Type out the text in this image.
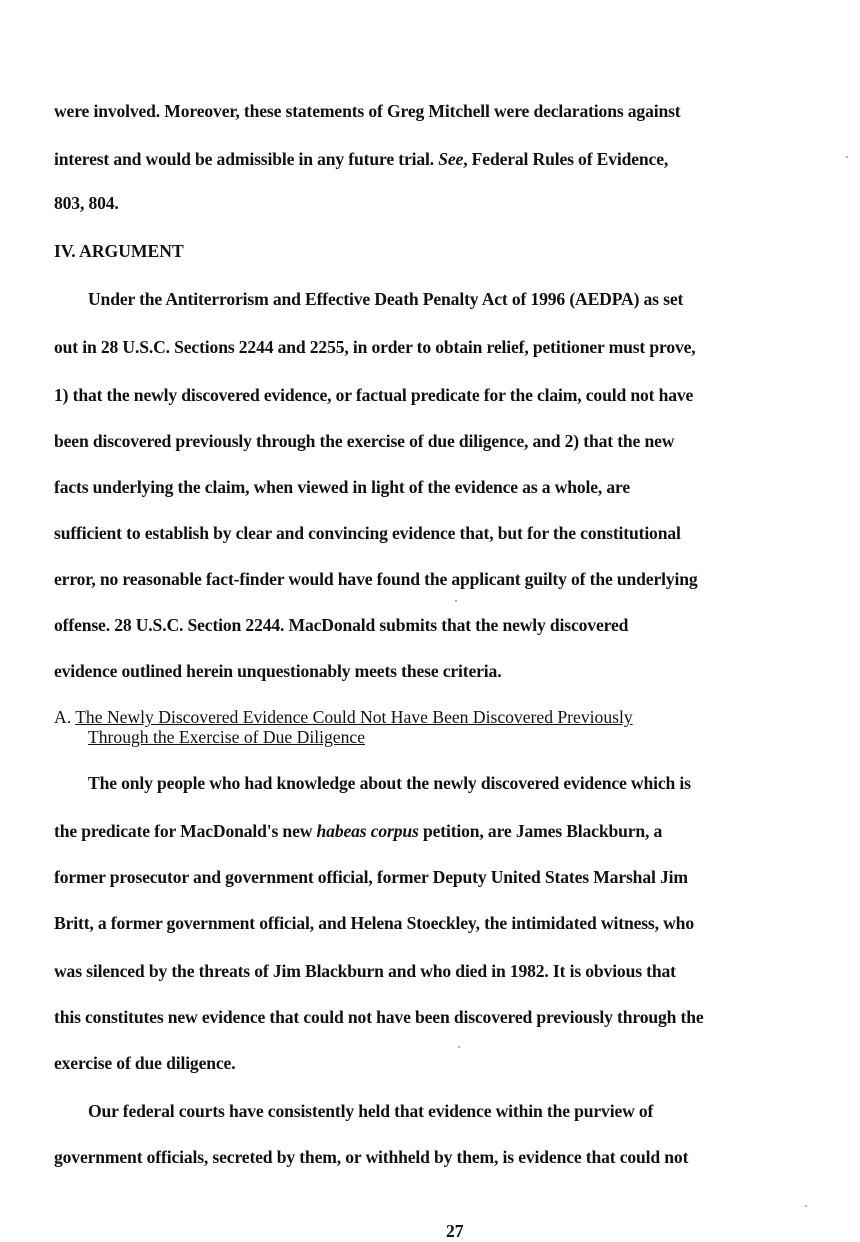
were involved. Moreover, these statements of Greg Mitchell were declarations against
interest and would be admissible in any future trial. See, Federal Rules of Evidence,
803, 804.
IV. ARGUMENT
Under the Antiterrorism and Effective Death Penalty Act of 1996 (AEDPA) as set
out in 28 U.S.C. Sections 2244 and 2255, in order to obtain relief, petitioner must prove,
1) that the newly discovered evidence, or factual predicate for the claim, could not have
been discovered previously through the exercise of due diligence, and 2) that the new
facts underlying the claim, when viewed in light of the evidence as a whole, are
sufficient to establish by clear and convincing evidence that, but for the constitutional
error, no reasonable fact-finder would have found the applicant guilty of the underlying
offense. 28 U.S.C. Section 2244. MacDonald submits that the newly discovered
evidence outlined herein unquestionably meets these criteria.
A. The Newly Discovered Evidence Could Not Have Been Discovered Previously
Through the Exercise of Due Diligence
The only people who had knowledge about the newly discovered evidence which is
the predicate for MacDonald's new habeas corpus petition, are James Blackburn, a
former prosecutor and government official, former Deputy United States Marshal Jim
Britt, a former government official, and Helena Stoeckley, the intimidated witness, who
was silenced by the threats of Jim Blackburn and who died in 1982. It is obvious that
this constitutes new evidence that could not have been discovered previously through the
exercise of due diligence.
Our federal courts have consistently held that evidence within the purview of
government officials, secreted by them, or withheld by them, is evidence that could not
27
